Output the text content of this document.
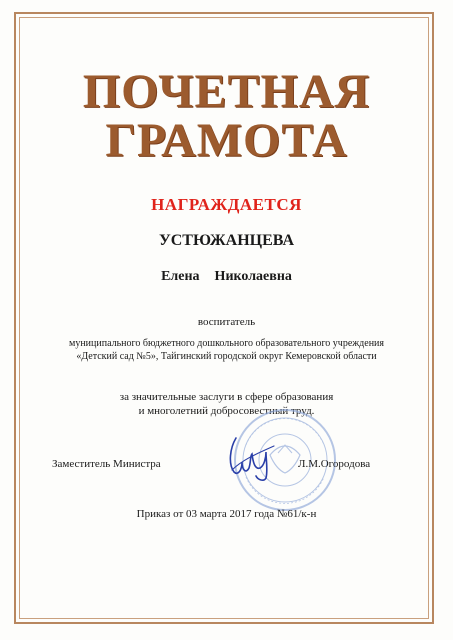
ПОЧЕТНАЯ
ГРАМОТА
НАГРАЖДАЕТСЯ
УСТЮЖАНЦЕВА
Елена  Николаевна
воспитатель
муниципального бюджетного дошкольного образовательного учреждения
«Детский сад №5», Тайгинский городской округ Кемеровской области
за значительные заслуги в сфере образования
и многолетний добросовестный труд.
Заместитель Министра	Л.М.Огородова
Приказ от 03 марта 2017 года №61/к-н
